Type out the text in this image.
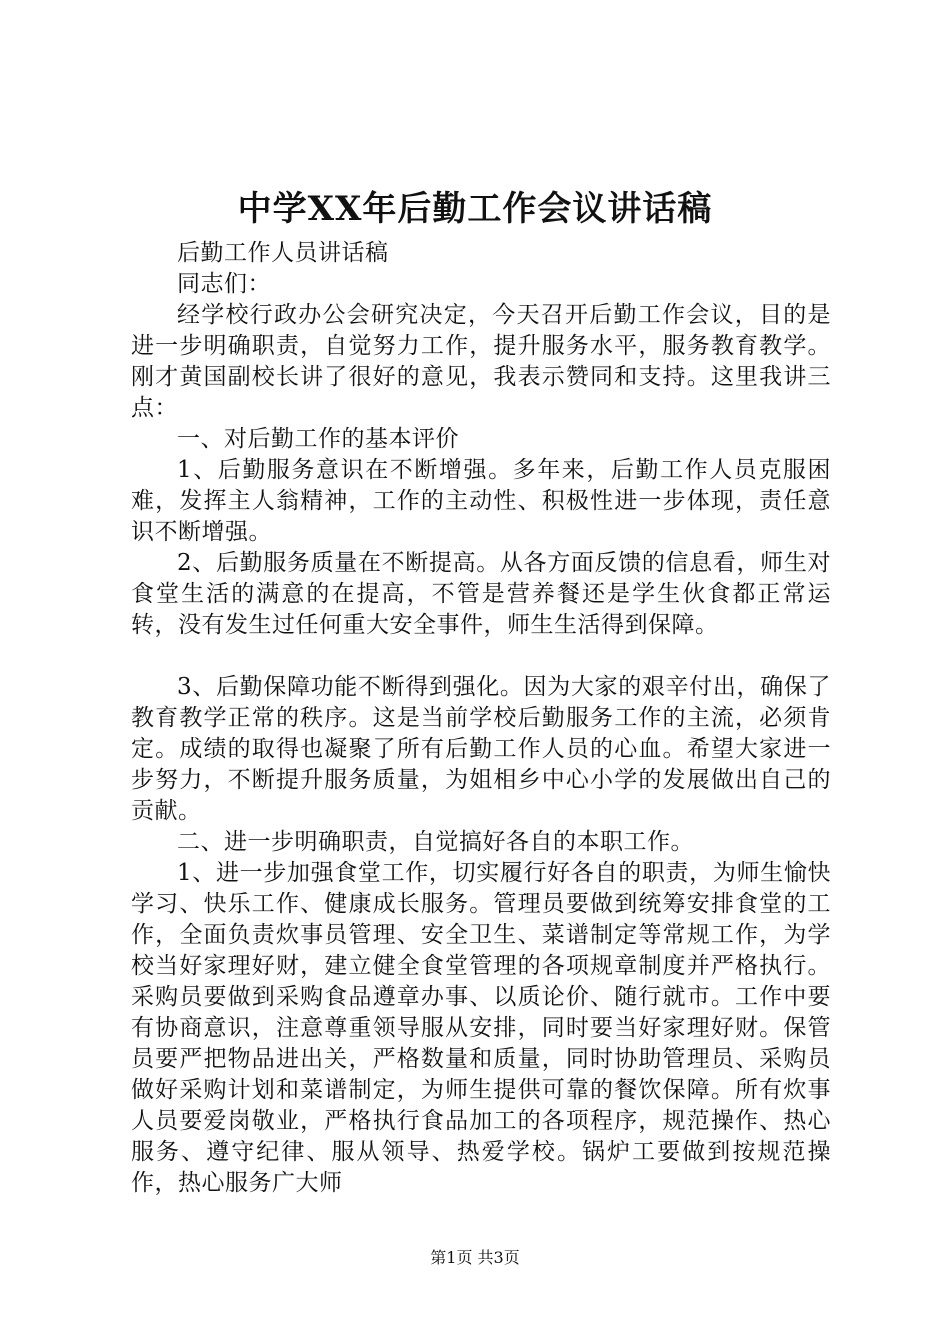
中学XX年后勤工作会议讲话稿

后勤工作人员讲话稿

同志们：

经学校行政办公会研究决定，今天召开后勤工作会议，目的是进一步明确职责，自觉努力工作，提升服务水平，服务教育教学。刚才黄国副校长讲了很好的意见，我表示赞同和支持。这里我讲三点：

一、对后勤工作的基本评价

1、后勤服务意识在不断增强。多年来，后勤工作人员克服困难，发挥主人翁精神，工作的主动性、积极性进一步体现，责任意识不断增强。

2、后勤服务质量在不断提高。从各方面反馈的信息看，师生对食堂生活的满意的在提高，不管是营养餐还是学生伙食都正常运转，没有发生过任何重大安全事件，师生生活得到保障。

3、后勤保障功能不断得到强化。因为大家的艰辛付出，确保了教育教学正常的秩序。这是当前学校后勤服务工作的主流，必须肯定。成绩的取得也凝聚了所有后勤工作人员的心血。希望大家进一步努力，不断提升服务质量，为姐相乡中心小学的发展做出自己的贡献。

二、进一步明确职责，自觉搞好各自的本职工作。

1、进一步加强食堂工作，切实履行好各自的职责，为师生愉快学习、快乐工作、健康成长服务。管理员要做到统筹安排食堂的工作，全面负责炊事员管理、安全卫生、菜谱制定等常规工作，为学校当好家理好财，建立健全食堂管理的各项规章制度并严格执行。采购员要做到采购食品遵章办事、以质论价、随行就市。工作中要有协商意识，注意尊重领导服从安排，同时要当好家理好财。保管员要严把物品进出关，严格数量和质量，同时协助管理员、采购员做好采购计划和菜谱制定，为师生提供可靠的餐饮保障。所有炊事人员要爱岗敬业，严格执行食品加工的各项程序，规范操作、热心服务、遵守纪律、服从领导、热爱学校。锅炉工要做到按规范操作，热心服务广大师

第1页 共3页
